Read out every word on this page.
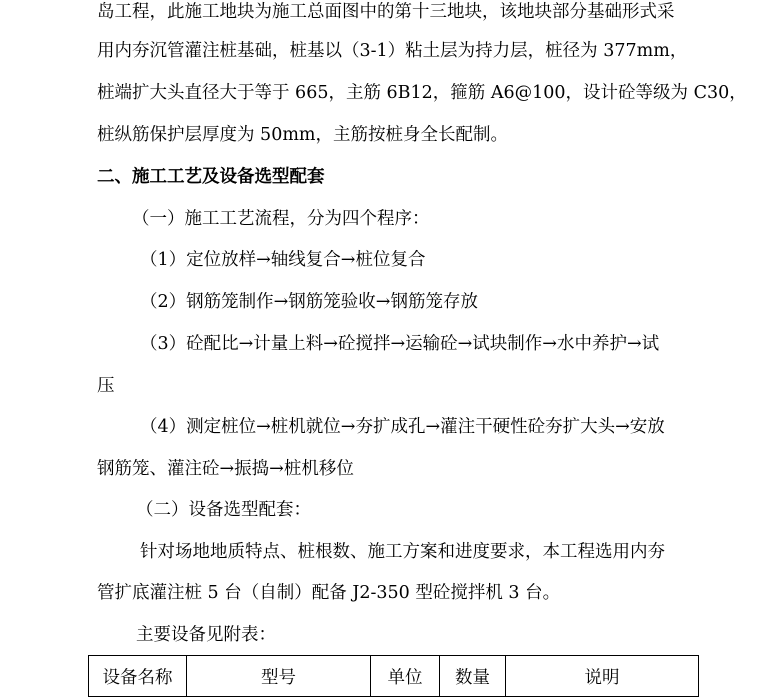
岛工程，此施工地块为施工总面图中的第十三地块，该地块部分基础形式采
用内夯沉管灌注桩基础，桩基以（3-1）粘土层为持力层，桩径为 377mm，
桩端扩大头直径大于等于 665，主筋 6B12，箍筋 A6@100，设计砼等级为 C30，
桩纵筋保护层厚度为 50mm，主筋按桩身全长配制。
二、施工工艺及设备选型配套
（一）施工工艺流程，分为四个程序：
（1）定位放样→轴线复合→桩位复合
（2）钢筋笼制作→钢筋笼验收→钢筋笼存放
（3）砼配比→计量上料→砼搅拌→运输砼→试块制作→水中养护→试
压
（4）测定桩位→桩机就位→夯扩成孔→灌注干硬性砼夯扩大头→安放
钢筋笼、灌注砼→振捣→桩机移位
（二）设备选型配套：
针对场地地质特点、桩根数、施工方案和进度要求，本工程选用内夯
管扩底灌注桩 5 台（自制）配备 J2-350 型砼搅拌机 3 台。
主要设备见附表：
设备名称	型号	单位	数量	说明
